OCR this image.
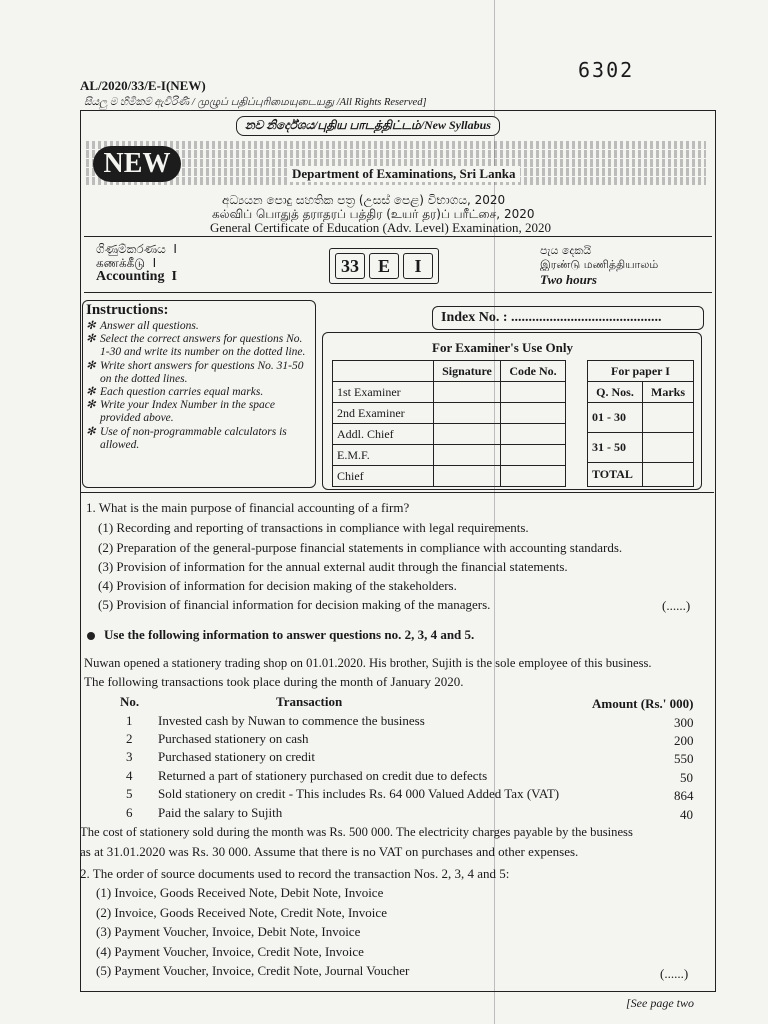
6302
AL/2020/33/E-I(NEW)
සියලු ම හිමිකම් ඇවිරිණි / முழுப் பதிப்புரிமையுடையது /All Rights Reserved]
නව නිර්දේශය/புதிய பாடத்திட்டம்/New Syllabus
NEW	Department of Examinations, Sri Lanka
අධ්‍යයන පොදු සහතික පත්‍ර (උසස් පෙළ) විභාගය, 2020
கல்விப் பொதுத் தராதரப் பத்திர (உயர் தர)ப் பரீட்சை, 2020
General Certificate of Education (Adv. Level) Examination, 2020
ගිණුම්කරණය  I
கணக்கீடு  I
Accounting  I
33	E	I
පැය දෙකයි
இரண்டு மணித்தியாலம்
Two hours
Instructions:
✻ Answer all questions.
✻ Select the correct answers for questions No. 1-30 and write its number on the dotted line.
✻ Write short answers for questions No. 31-50 on the dotted lines.
✻ Each question carries equal marks.
✻ Write your Index Number in the space provided above.
✻ Use of non-programmable calculators is allowed.
Index No. : ...........................................
For Examiner's Use Only
	Signature	Code No.
1st Examiner		
2nd Examiner		
Addl. Chief		
E.M.F.		
Chief		
For paper I	
Q. Nos.	Marks
01 - 30	
31 - 50	
TOTAL	
1. What is the main purpose of financial accounting of a firm?
(1) Recording and reporting of transactions in compliance with legal requirements.
(2) Preparation of the general-purpose financial statements in compliance with accounting standards.
(3) Provision of information for the annual external audit through the financial statements.
(4) Provision of information for decision making of the stakeholders.
(5) Provision of financial information for decision making of the managers.	(......)
Use the following information to answer questions no. 2, 3, 4 and 5.
Nuwan opened a stationery trading shop on 01.01.2020. His brother, Sujith is the sole employee of this business.
The following transactions took place during the month of January 2020.
No.	Transaction	Amount (Rs.' 000)
1 Invested cash by Nuwan to commence the business	300
2 Purchased stationery on cash	200
3 Purchased stationery on credit	550
4 Returned a part of stationery purchased on credit due to defects	50
5 Sold stationery on credit - This includes Rs. 64 000 Valued Added Tax (VAT)	864
6 Paid the salary to Sujith	40
The cost of stationery sold during the month was Rs. 500 000. The electricity charges payable by the business
as at 31.01.2020 was Rs. 30 000. Assume that there is no VAT on purchases and other expenses.
2. The order of source documents used to record the transaction Nos. 2, 3, 4 and 5:
(1) Invoice, Goods Received Note, Debit Note, Invoice
(2) Invoice, Goods Received Note, Credit Note, Invoice
(3) Payment Voucher, Invoice, Debit Note, Invoice
(4) Payment Voucher, Invoice, Credit Note, Invoice
(5) Payment Voucher, Invoice, Credit Note, Journal Voucher	(......)
[See page two
